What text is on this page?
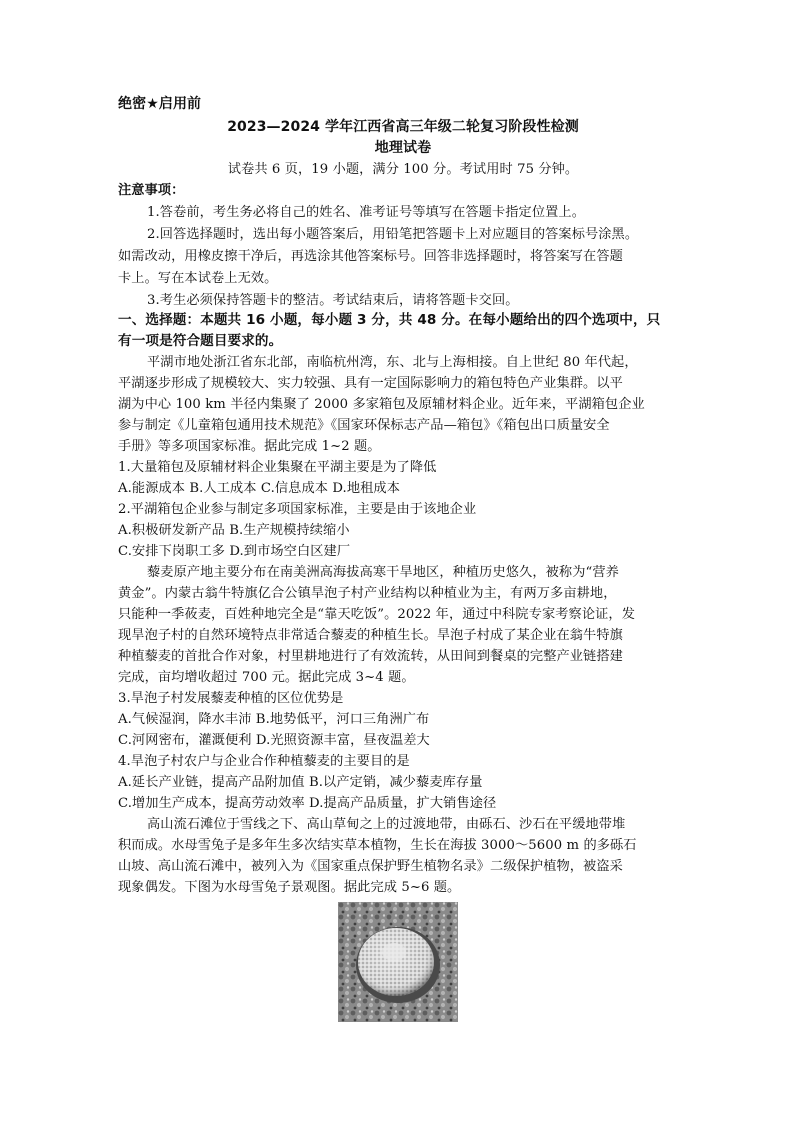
绝密★启用前
2023—2024 学年江西省高三年级二轮复习阶段性检测
地理试卷
试卷共 6 页，19 小题，满分 100 分。考试用时 75 分钟。
注意事项：
1.答卷前，考生务必将自己的姓名、准考证号等填写在答题卡指定位置上。
2.回答选择题时，选出每小题答案后，用铅笔把答题卡上对应题目的答案标号涂黑。
如需改动，用橡皮擦干净后，再选涂其他答案标号。回答非选择题时，将答案写在答题
卡上。写在本试卷上无效。
3.考生必须保持答题卡的整洁。考试结束后，请将答题卡交回。
一、选择题：本题共 16 小题，每小题 3 分，共 48 分。在每小题给出的四个选项中，只
有一项是符合题目要求的。
平湖市地处浙江省东北部，南临杭州湾，东、北与上海相接。自上世纪 80 年代起，
平湖逐步形成了规模较大、实力较强、具有一定国际影响力的箱包特色产业集群。以平
湖为中心 100 km 半径内集聚了 2000 多家箱包及原辅材料企业。近年来，平湖箱包企业
参与制定《儿童箱包通用技术规范》《国家环保标志产品—箱包》《箱包出口质量安全
手册》等多项国家标准。据此完成 1~2 题。
1.大量箱包及原辅材料企业集聚在平湖主要是为了降低
A.能源成本 B.人工成本 C.信息成本 D.地租成本
2.平湖箱包企业参与制定多项国家标准，主要是由于该地企业
A.积极研发新产品 B.生产规模持续缩小
C.安排下岗职工多 D.到市场空白区建厂
藜麦原产地主要分布在南美洲高海拔高寒干旱地区，种植历史悠久，被称为“营养
黄金”。内蒙古翁牛特旗亿合公镇旱泡子村产业结构以种植业为主，有两万多亩耕地，
只能种一季莜麦，百姓种地完全是“靠天吃饭”。2022 年，通过中科院专家考察论证，发
现旱泡子村的自然环境特点非常适合藜麦的种植生长。旱泡子村成了某企业在翁牛特旗
种植藜麦的首批合作对象，村里耕地进行了有效流转，从田间到餐桌的完整产业链搭建
完成，亩均增收超过 700 元。据此完成 3~4 题。
3.旱泡子村发展藜麦种植的区位优势是
A.气候湿润，降水丰沛 B.地势低平，河口三角洲广布
C.河网密布，灌溉便利 D.光照资源丰富，昼夜温差大
4.旱泡子村农户与企业合作种植藜麦的主要目的是
A.延长产业链，提高产品附加值 B.以产定销，减少藜麦库存量
C.增加生产成本，提高劳动效率 D.提高产品质量，扩大销售途径
高山流石滩位于雪线之下、高山草甸之上的过渡地带，由砾石、沙石在平缓地带堆
积而成。水母雪兔子是多年生多次结实草本植物，生长在海拔 3000～5600 m 的多砾石
山坡、高山流石滩中，被列入为《国家重点保护野生植物名录》二级保护植物，被盗采
现象偶发。下图为水母雪兔子景观图。据此完成 5~6 题。
